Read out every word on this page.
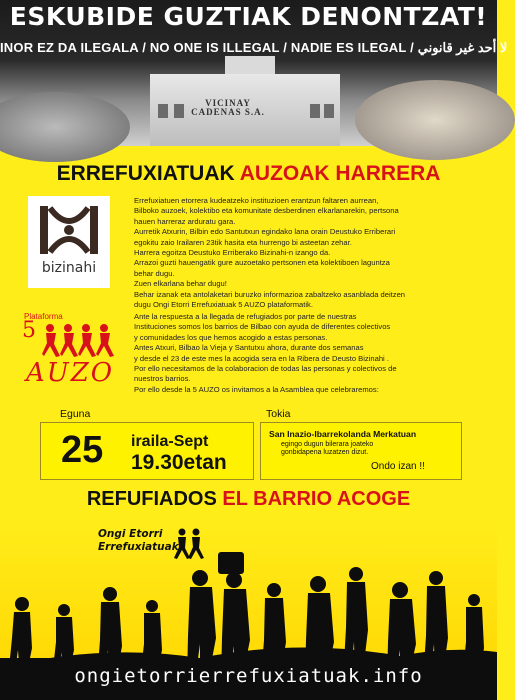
VICINAY
CADENAS S.A.
ESKUBIDE GUZTIAK DENONTZAT!
INOR EZ DA ILEGALA / NO ONE IS ILLEGAL / NADIE ES ILEGAL / لا أحد غير قانوني
ERREFUXIATUAK AUZOAK HARRERA
bizinahi

Errefuxiatuen etorrera kudeatzeko instituzioen erantzun faltaren aurrean,

Bilboko auzoek, kolektibo eta komunitate desberdinen elkarlanarekin, pertsona

hauen harreraz arduratu gara.

Aurretik Atxurin, Bilbin edo Santutxun egindako lana orain Deustuko Erriberari

egokitu zaio Irailaren 23tik hasita eta hurrengo bi asteetan zehar.

Harrera egoitza Deustuko Erriberako Bizinahi-n izango da.

Arrazoi guzti hauengatik gure auzoetako pertsonen eta kolektiboen laguntza

behar dugu.

Zuen elkarlana behar dugu!

Behar izanak eta antolaketari buruzko informazioa zabaltzeko asanblada deitzen

dugu Ongi Etorri Errefuxiatuak 5 AUZO plataformatik.

Plataforma
5
AUZO

Ante la respuesta a la llegada de refugiados por parte de nuestras

Instituciones somos los barrios de Bilbao con ayuda de diferentes colectivos

y comunidades los que hemos acogido a estas personas.

Antes Atxuri, Bilbao la Vieja y Santutxu ahora, durante dos semanas

y desde el 23 de este mes la acogida sera en la Ribera de Deusto Bizinahi .

Por ello necesitamos de la colaboracion de todas las personas y colectivos de

nuestros barrios.

Por ello desde la 5 AUZO os invitamos a la Asamblea que celebraremos:

Eguna
25 iraila-Sept
19.30etan
Tokia
San Inazio-Ibarrekolanda Merkatuan
egingo dugun bilerara joateko
gonbidapena luzatzen dizut.
Ondo izan !!
REFUFIADOS EL BARRIO ACOGE
Ongi Etorri
Errefuxiatuak
ongietorrierrefuxiatuak.info
